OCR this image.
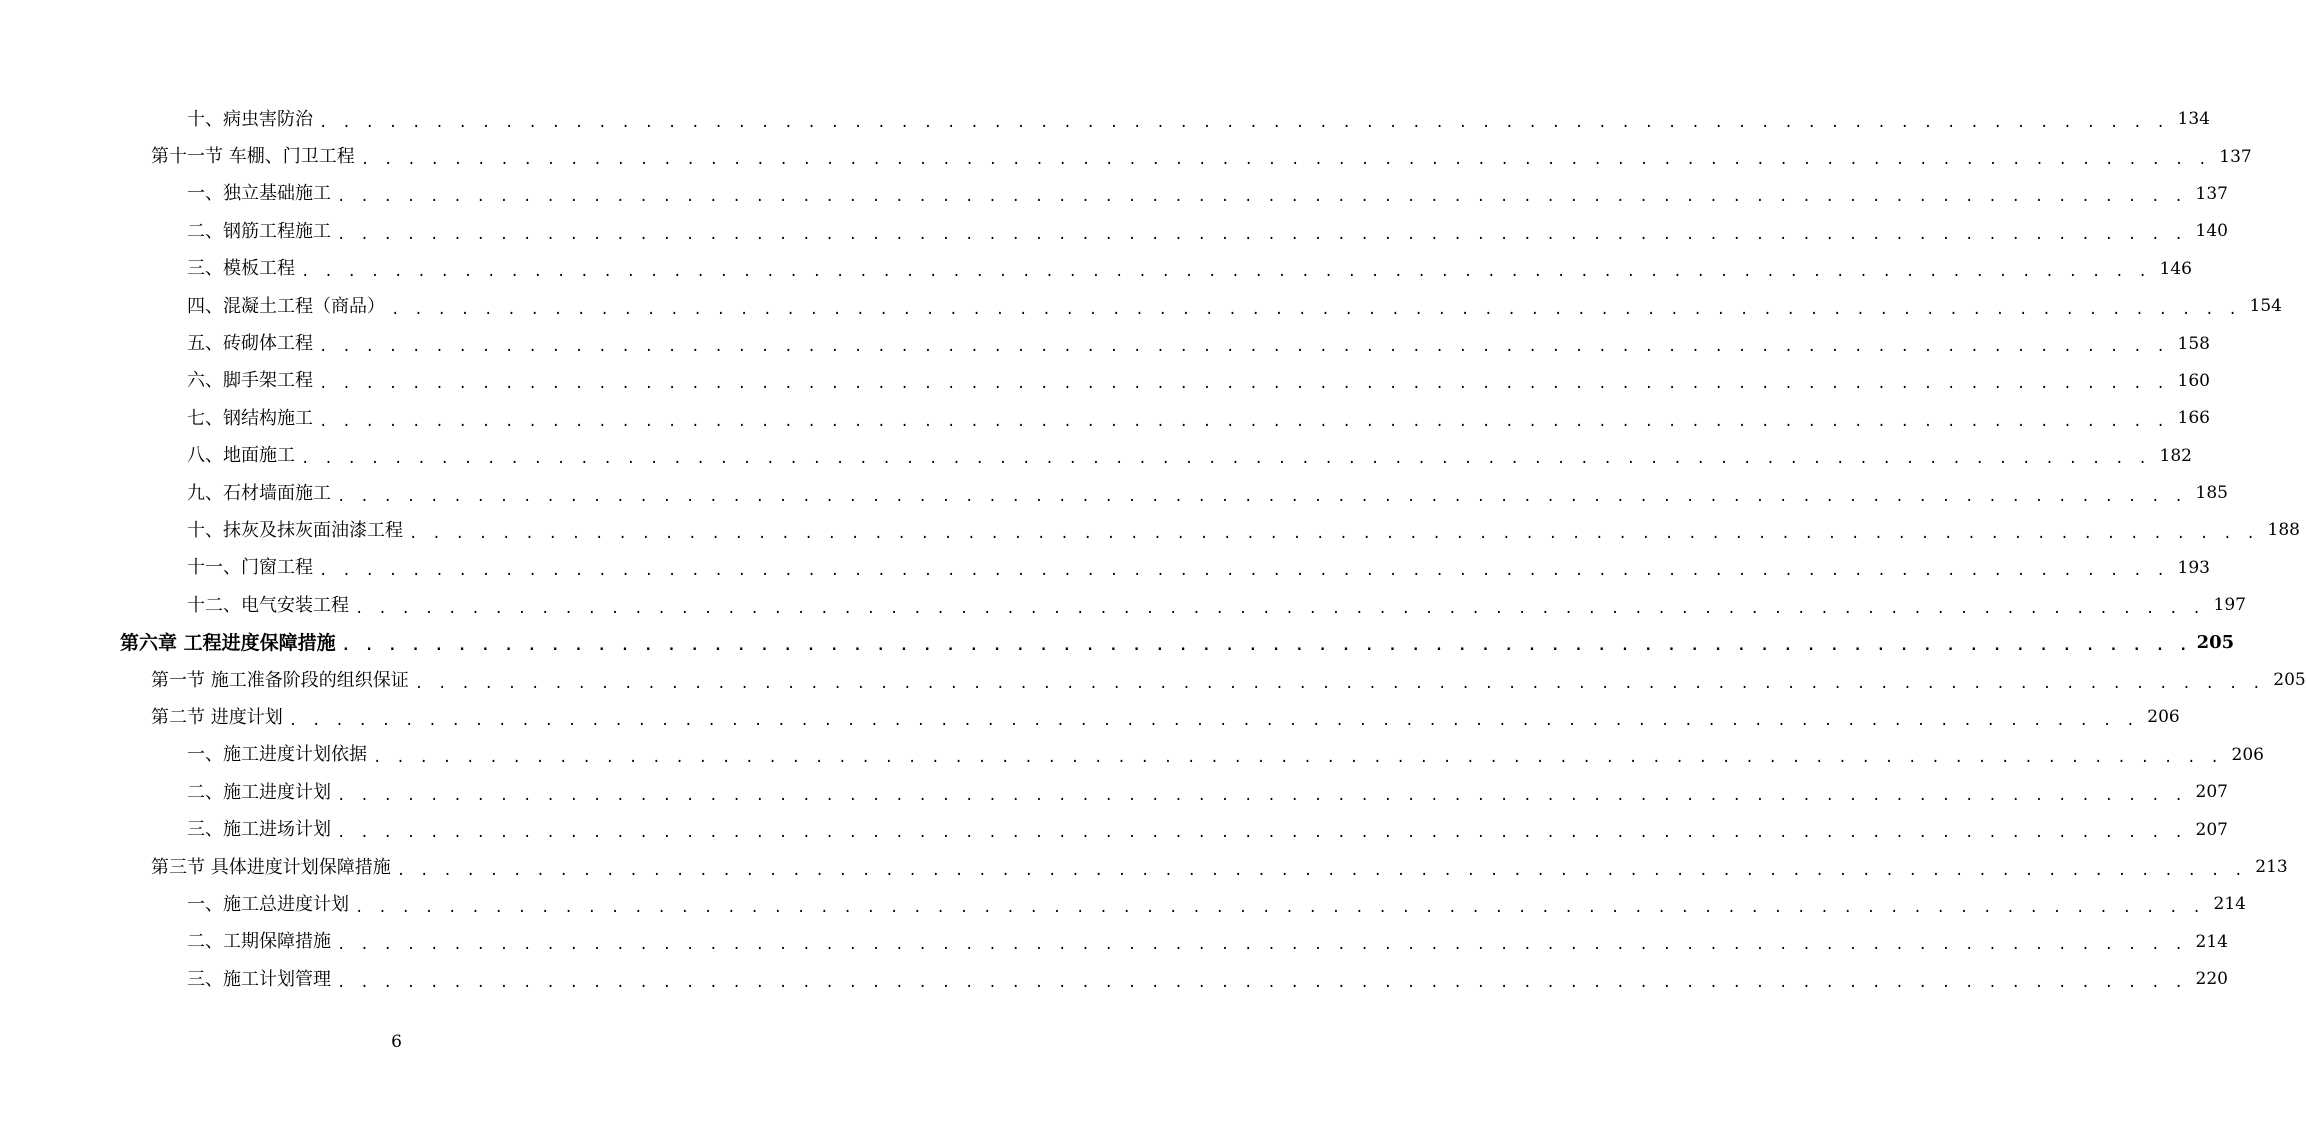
十、病虫害防治 . . . . . . . . . . . . . . . . . . . . . . . . . . . . . . . . . . . . . . . . . . . . . . . . . . . . . . . . . . . . . . . . . . . . . . . . . . . . . . . . 134
第十一节 车棚、门卫工程 . . . . . . . . . . . . . . . . . . . . . . . . . . . . . . . . . . . . . . . . . . . . . . . . . . . . . . . . . . . . . . . . . . . . . . . . . . . . . . . . 137
一、独立基础施工 . . . . . . . . . . . . . . . . . . . . . . . . . . . . . . . . . . . . . . . . . . . . . . . . . . . . . . . . . . . . . . . . . . . . . . . . . . . . . . . . 137
二、钢筋工程施工 . . . . . . . . . . . . . . . . . . . . . . . . . . . . . . . . . . . . . . . . . . . . . . . . . . . . . . . . . . . . . . . . . . . . . . . . . . . . . . . . 140
三、模板工程 . . . . . . . . . . . . . . . . . . . . . . . . . . . . . . . . . . . . . . . . . . . . . . . . . . . . . . . . . . . . . . . . . . . . . . . . . . . . . . . . 146
四、混凝土工程（商品） . . . . . . . . . . . . . . . . . . . . . . . . . . . . . . . . . . . . . . . . . . . . . . . . . . . . . . . . . . . . . . . . . . . . . . . . . . . . . . . . 154
五、砖砌体工程 . . . . . . . . . . . . . . . . . . . . . . . . . . . . . . . . . . . . . . . . . . . . . . . . . . . . . . . . . . . . . . . . . . . . . . . . . . . . . . . . 158
六、脚手架工程 . . . . . . . . . . . . . . . . . . . . . . . . . . . . . . . . . . . . . . . . . . . . . . . . . . . . . . . . . . . . . . . . . . . . . . . . . . . . . . . . 160
七、钢结构施工 . . . . . . . . . . . . . . . . . . . . . . . . . . . . . . . . . . . . . . . . . . . . . . . . . . . . . . . . . . . . . . . . . . . . . . . . . . . . . . . . 166
八、地面施工 . . . . . . . . . . . . . . . . . . . . . . . . . . . . . . . . . . . . . . . . . . . . . . . . . . . . . . . . . . . . . . . . . . . . . . . . . . . . . . . . 182
九、石材墙面施工 . . . . . . . . . . . . . . . . . . . . . . . . . . . . . . . . . . . . . . . . . . . . . . . . . . . . . . . . . . . . . . . . . . . . . . . . . . . . . . . . 185
十、抹灰及抹灰面油漆工程 . . . . . . . . . . . . . . . . . . . . . . . . . . . . . . . . . . . . . . . . . . . . . . . . . . . . . . . . . . . . . . . . . . . . . . . . . . . . . . . . 188
十一、门窗工程 . . . . . . . . . . . . . . . . . . . . . . . . . . . . . . . . . . . . . . . . . . . . . . . . . . . . . . . . . . . . . . . . . . . . . . . . . . . . . . . . 193
十二、电气安装工程 . . . . . . . . . . . . . . . . . . . . . . . . . . . . . . . . . . . . . . . . . . . . . . . . . . . . . . . . . . . . . . . . . . . . . . . . . . . . . . . . 197
第六章 工程进度保障措施 . . . . . . . . . . . . . . . . . . . . . . . . . . . . . . . . . . . . . . . . . . . . . . . . . . . . . . . . . . . . . . . . . . . . . . . . . . . . . . . . 205
第一节 施工准备阶段的组织保证 . . . . . . . . . . . . . . . . . . . . . . . . . . . . . . . . . . . . . . . . . . . . . . . . . . . . . . . . . . . . . . . . . . . . . . . . . . . . . . . . 205
第二节 进度计划 . . . . . . . . . . . . . . . . . . . . . . . . . . . . . . . . . . . . . . . . . . . . . . . . . . . . . . . . . . . . . . . . . . . . . . . . . . . . . . . . 206
一、施工进度计划依据 . . . . . . . . . . . . . . . . . . . . . . . . . . . . . . . . . . . . . . . . . . . . . . . . . . . . . . . . . . . . . . . . . . . . . . . . . . . . . . . . 206
二、施工进度计划 . . . . . . . . . . . . . . . . . . . . . . . . . . . . . . . . . . . . . . . . . . . . . . . . . . . . . . . . . . . . . . . . . . . . . . . . . . . . . . . . 207
三、施工进场计划 . . . . . . . . . . . . . . . . . . . . . . . . . . . . . . . . . . . . . . . . . . . . . . . . . . . . . . . . . . . . . . . . . . . . . . . . . . . . . . . . 207
第三节 具体进度计划保障措施 . . . . . . . . . . . . . . . . . . . . . . . . . . . . . . . . . . . . . . . . . . . . . . . . . . . . . . . . . . . . . . . . . . . . . . . . . . . . . . . . 213
一、施工总进度计划 . . . . . . . . . . . . . . . . . . . . . . . . . . . . . . . . . . . . . . . . . . . . . . . . . . . . . . . . . . . . . . . . . . . . . . . . . . . . . . . . 214
二、工期保障措施 . . . . . . . . . . . . . . . . . . . . . . . . . . . . . . . . . . . . . . . . . . . . . . . . . . . . . . . . . . . . . . . . . . . . . . . . . . . . . . . . 214
三、施工计划管理 . . . . . . . . . . . . . . . . . . . . . . . . . . . . . . . . . . . . . . . . . . . . . . . . . . . . . . . . . . . . . . . . . . . . . . . . . . . . . . . . 220
6
